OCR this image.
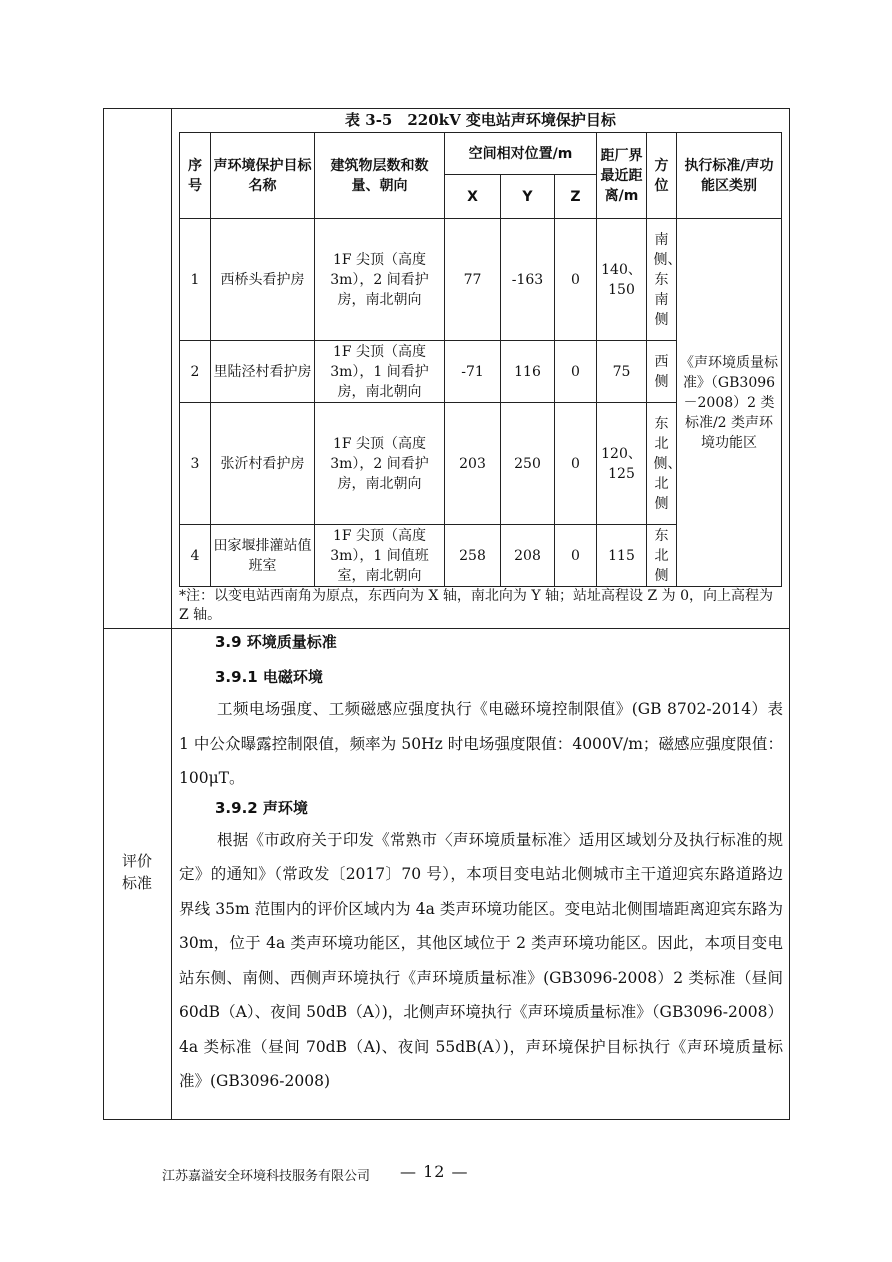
评价
标准
表 3-5　220kV 变电站声环境保护目标
序号	声环境保护目标名称	建筑物层数和数量、朝向	空间相对位置/m			距厂界最近距离/m	方位	执行标准/声功能区类别
			X	Y	Z			
1	西桥头看护房	1F 尖顶（高度3m），2 间看护房，南北朝向	77	-163	0	140、150	南侧、东南侧	《声环境质量标准》（GB3096－2008）2 类标准/2 类声环境功能区
2	里陆泾村看护房	1F 尖顶（高度3m），1 间看护房，南北朝向	-71	116	0	75	西侧	
3	张沂村看护房	1F 尖顶（高度3m），2 间看护房，南北朝向	203	250	0	120、125	东北侧、北侧	
4	田家堰排灌站值班室	1F 尖顶（高度3m），1 间值班室，南北朝向	258	208	0	115	东北侧	
*注：以变电站西南角为原点，东西向为 X 轴，南北向为 Y 轴；站址高程设 Z 为 0，向上高程为 Z 轴。
3.9 环境质量标准
3.9.1 电磁环境
工频电场强度、工频磁感应强度执行《电磁环境控制限值》(GB 8702-2014）表 1 中公众曝露控制限值，频率为 50Hz 时电场强度限值：4000V/m；磁感应强度限值：100μT。
3.9.2 声环境
根据《市政府关于印发《常熟市〈声环境质量标准〉适用区域划分及执行标准的规定》的通知》（常政发〔2017〕70 号），本项目变电站北侧城市主干道迎宾东路道路边界线 35m 范围内的评价区域内为 4a 类声环境功能区。变电站北侧围墙距离迎宾东路为 30m，位于 4a 类声环境功能区，其他区域位于 2 类声环境功能区。因此，本项目变电站东侧、南侧、西侧声环境执行《声环境质量标准》(GB3096-2008）2 类标准（昼间 60dB（A）、夜间 50dB（A）)，北侧声环境执行《声环境质量标准》（GB3096-2008）4a 类标准（昼间 70dB（A)、夜间 55dB(A）)，声环境保护目标执行《声环境质量标准》(GB3096-2008)
江苏嘉溢安全环境科技服务有限公司 — 12 —
